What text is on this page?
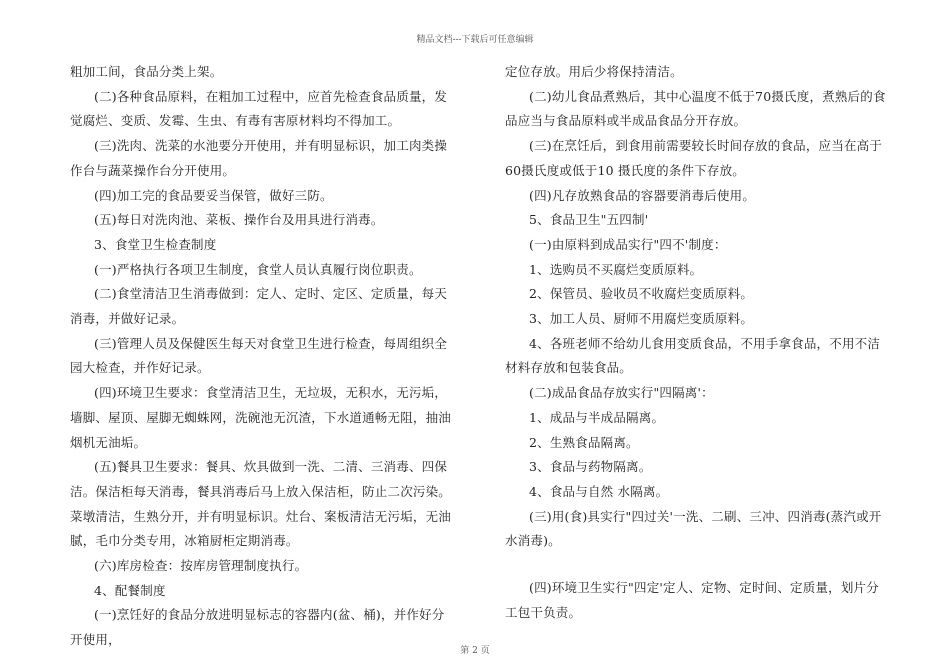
精品文档---下载后可任意编辑

粗加工间，食品分类上架。

(二)各种食品原料，在粗加工过程中，应首先检查食品质量，发觉腐烂、变质、发霉、生虫、有毒有害原材料均不得加工。

(三)洗肉、洗菜的水池要分开使用，并有明显标识，加工肉类操作台与蔬菜操作台分开使用。

(四)加工完的食品要妥当保管，做好三防。

(五)每日对洗肉池、菜板、操作台及用具进行消毒。

3、食堂卫生检查制度

(一)严格执行各项卫生制度，食堂人员认真履行岗位职责。

(二)食堂清洁卫生消毒做到：定人、定时、定区、定质量，每天消毒，并做好记录。

(三)管理人员及保健医生每天对食堂卫生进行检查，每周组织全园大检查，并作好记录。

(四)环境卫生要求：食堂清洁卫生，无垃圾，无积水，无污垢，墙脚、屋顶、屋脚无蜘蛛网，洗碗池无沉渣，下水道通畅无阻，抽油烟机无油垢。

(五)餐具卫生要求：餐具、炊具做到一洗、二清、三消毒、四保洁。保洁柜每天消毒，餐具消毒后马上放入保洁柜，防止二次污染。菜墩清洁，生熟分开，并有明显标识。灶台、案板清洁无污垢，无油腻，毛巾分类专用，冰箱厨柜定期消毒。

(六)库房检查：按库房管理制度执行。

4、配餐制度

(一)烹饪好的食品分放进明显标志的容器内(盆、桶)，并作好分开使用，

定位存放。用后少将保持清洁。

(二)幼儿食品煮熟后，其中心温度不低于70摄氏度，煮熟后的食品应当与食品原料或半成品食品分开存放。

(三)在烹饪后，到食用前需要较长时间存放的食品，应当在高于60摄氏度或低于10 摄氏度的条件下存放。

(四)凡存放熟食品的容器要消毒后使用。

5、食品卫生"五四制'

(一)由原料到成品实行"四不'制度：

1、选购员不买腐烂变质原料。

2、保管员、验收员不收腐烂变质原料。

3、加工人员、厨师不用腐烂变质原料。

4、各班老师不给幼儿食用变质食品，不用手拿食品，不用不洁材料存放和包装食品。

(二)成品食品存放实行"四隔离'：

1、成品与半成品隔离。

2、生熟食品隔离。

3、食品与药物隔离。

4、食品与自然 水隔离。

(三)用(食)具实行"四过关'一洗、二刷、三冲、四消毒(蒸汽或开水消毒)。

(四)环境卫生实行"四定'定人、定物、定时间、定质量，划片分工包干负责。

第 2 页
